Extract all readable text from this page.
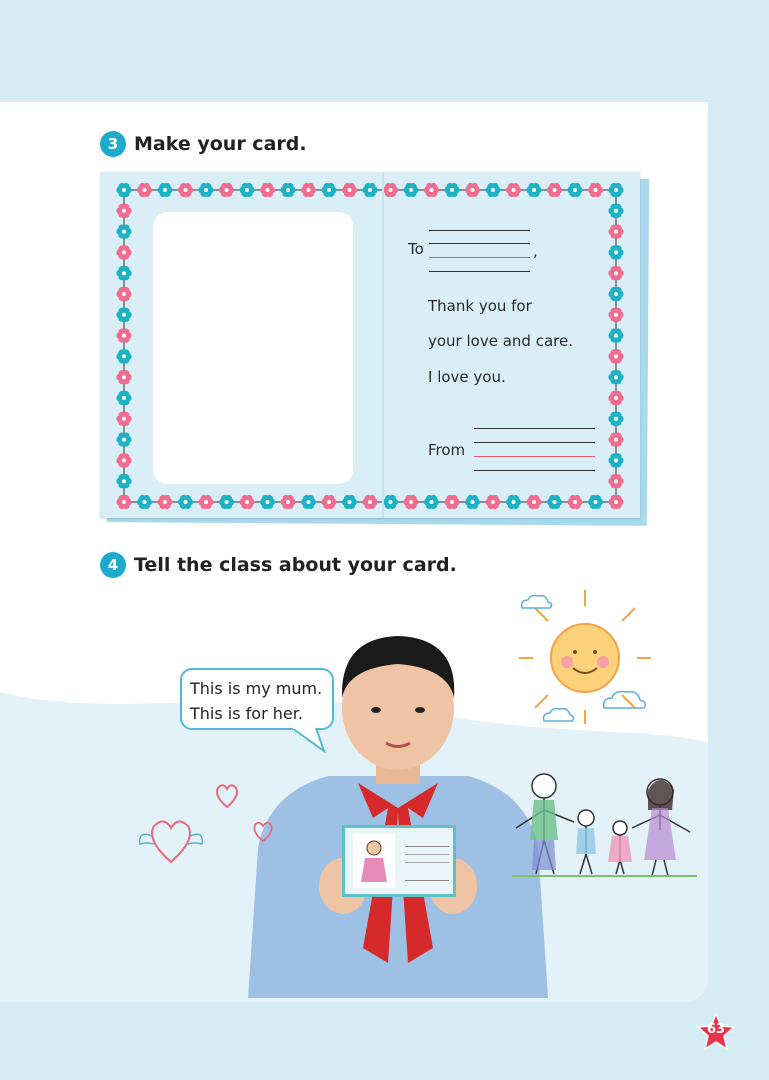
3 Make your card.
To	,
Thank you for
your love and care.
I love you.
From
4 Tell the class about your card.
This is my mum.
This is for her.
63
